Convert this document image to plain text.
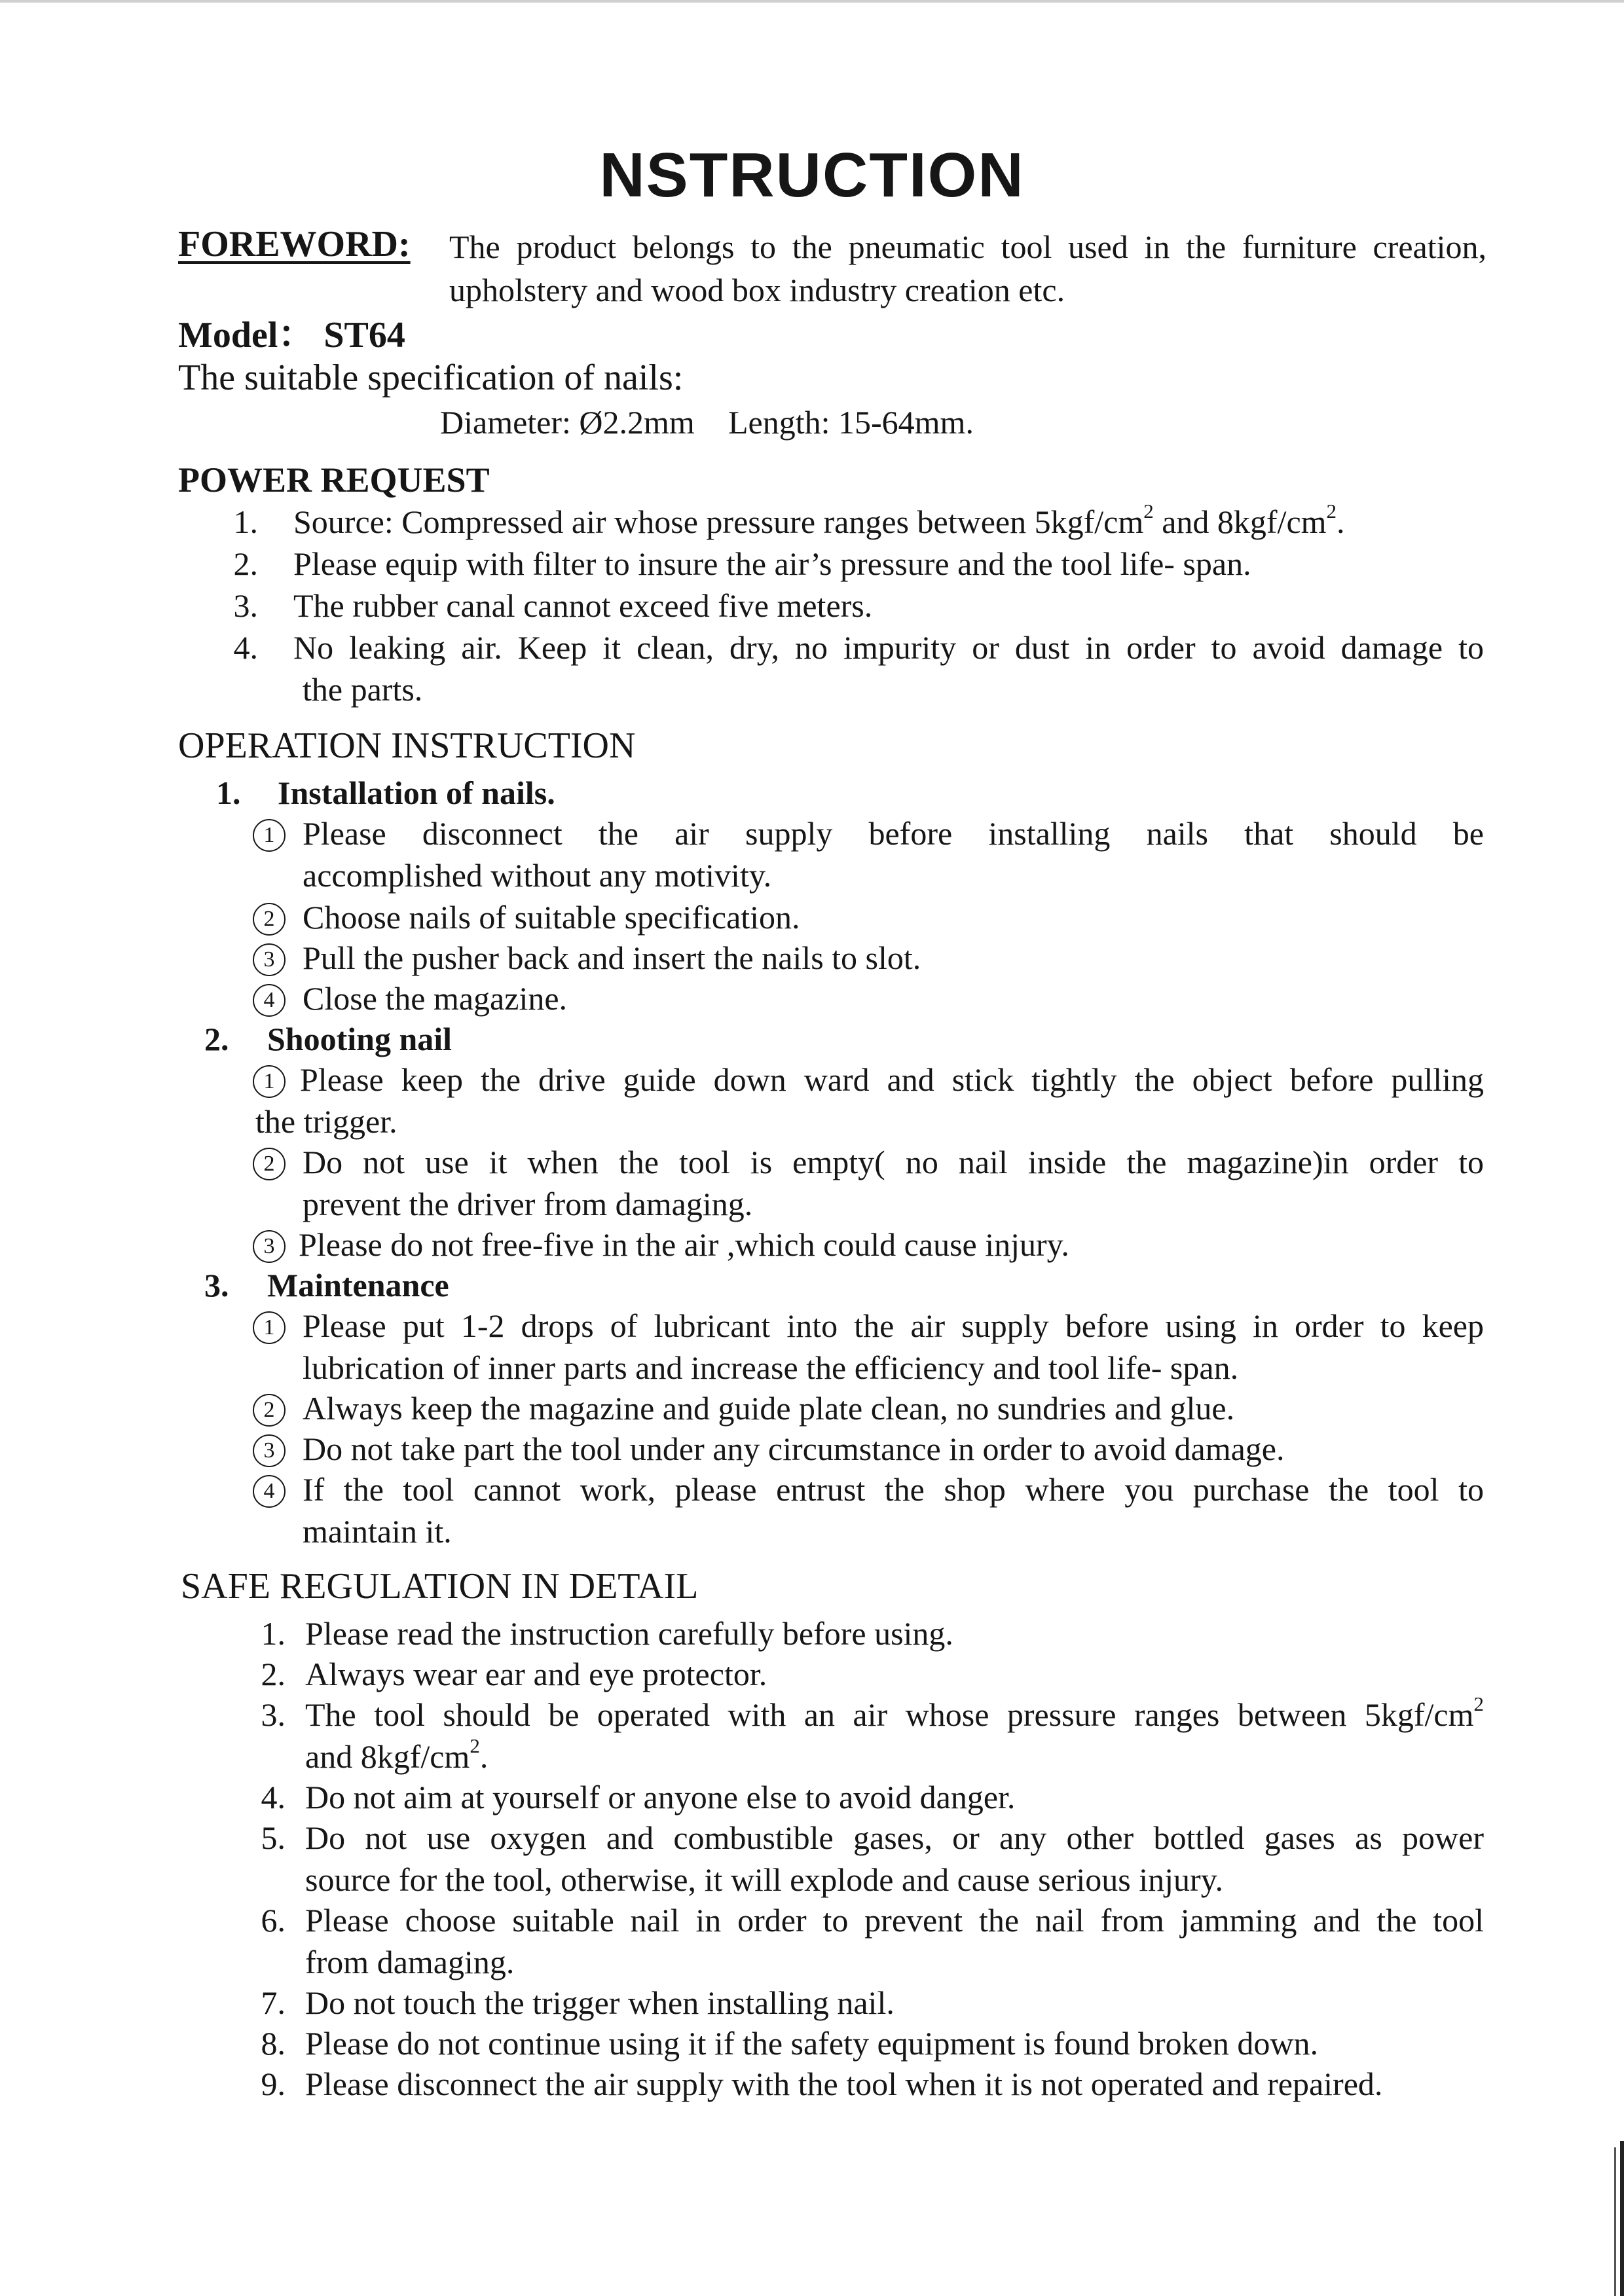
NSTRUCTION
FOREWORD: The product belongs to the pneumatic tool used in the furniture creation,
upholstery and wood box industry creation etc.
Model： ST64
The suitable specification of nails:
Diameter: Ø2.2mm Length: 15-64mm.
POWER REQUEST
1. Source: Compressed air whose pressure ranges between $5kgf/cm^2$ and $8kgf/cm^2$.
2. Please equip with filter to insure the air’s pressure and the tool life- span.
3. The rubber canal cannot exceed five meters.
4. No leaking air. Keep it clean, dry, no impurity or dust in order to avoid damage to
the parts.
OPERATION INSTRUCTION
1. Installation of nails.
1 Please disconnect the air supply before installing nails that should be
accomplished without any motivity.
2 Choose nails of suitable specification.
3 Pull the pusher back and insert the nails to slot.
4 Close the magazine.
2. Shooting nail
1 Please keep the drive guide down ward and stick tightly the object before pulling
the trigger.
2 Do not use it when the tool is empty( no nail inside the magazine)in order to
prevent the driver from damaging.
3 Please do not free-five in the air ,which could cause injury.
3. Maintenance
1 Please put 1-2 drops of lubricant into the air supply before using in order to keep
lubrication of inner parts and increase the efficiency and tool life- span.
2 Always keep the magazine and guide plate clean, no sundries and glue.
3 Do not take part the tool under any circumstance in order to avoid damage.
4 If the tool cannot work, please entrust the shop where you purchase the tool to
maintain it.
SAFE REGULATION IN DETAIL
1. Please read the instruction carefully before using.
2. Always wear ear and eye protector.
3. The tool should be operated with an air whose pressure ranges between $5kgf/cm^2$
and $8kgf/cm^2$.
4. Do not aim at yourself or anyone else to avoid danger.
5. Do not use oxygen and combustible gases, or any other bottled gases as power
source for the tool, otherwise, it will explode and cause serious injury.
6. Please choose suitable nail in order to prevent the nail from jamming and the tool
from damaging.
7. Do not touch the trigger when installing nail.
8. Please do not continue using it if the safety equipment is found broken down.
9. Please disconnect the air supply with the tool when it is not operated and repaired.
